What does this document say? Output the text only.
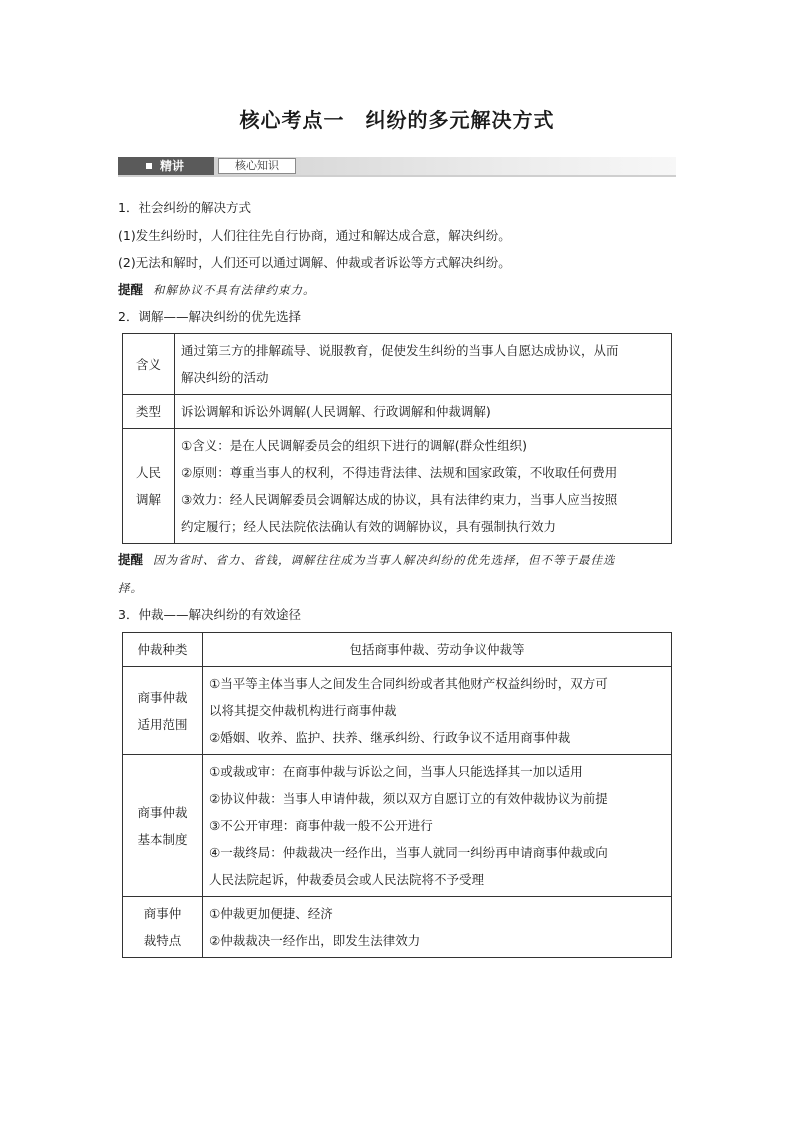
核心考点一　纠纷的多元解决方式
精讲	核心知识
1．社会纠纷的解决方式
(1)发生纠纷时，人们往往先自行协商，通过和解达成合意，解决纠纷。
(2)无法和解时，人们还可以通过调解、仲裁或者诉讼等方式解决纠纷。
提醒 和解协议不具有法律约束力。
2．调解——解决纠纷的优先选择
含义	通过第三方的排解疏导、说服教育，促使发生纠纷的当事人自愿达成协议，从而
解决纠纷的活动

类型	诉讼调解和诉讼外调解(人民调解、行政调解和仲裁调解)

人民
调解	①含义：是在人民调解委员会的组织下进行的调解(群众性组织)
②原则：尊重当事人的权利，不得违背法律、法规和国家政策，不收取任何费用
③效力：经人民调解委员会调解达成的协议，具有法律约束力，当事人应当按照
约定履行；经人民法院依法确认有效的调解协议，具有强制执行效力
提醒 因为省时、省力、省钱，调解往往成为当事人解决纠纷的优先选择，但不等于最佳选
择。
3．仲裁——解决纠纷的有效途径
仲裁种类	包括商事仲裁、劳动争议仲裁等

商事仲裁
适用范围	①当平等主体当事人之间发生合同纠纷或者其他财产权益纠纷时，双方可
以将其提交仲裁机构进行商事仲裁
②婚姻、收养、监护、扶养、继承纠纷、行政争议不适用商事仲裁

商事仲裁
基本制度	①或裁或审：在商事仲裁与诉讼之间，当事人只能选择其一加以适用
②协议仲裁：当事人申请仲裁，须以双方自愿订立的有效仲裁协议为前提
③不公开审理：商事仲裁一般不公开进行
④一裁终局：仲裁裁决一经作出，当事人就同一纠纷再申请商事仲裁或向
人民法院起诉，仲裁委员会或人民法院将不予受理

商事仲
裁特点	①仲裁更加便捷、经济
②仲裁裁决一经作出，即发生法律效力
